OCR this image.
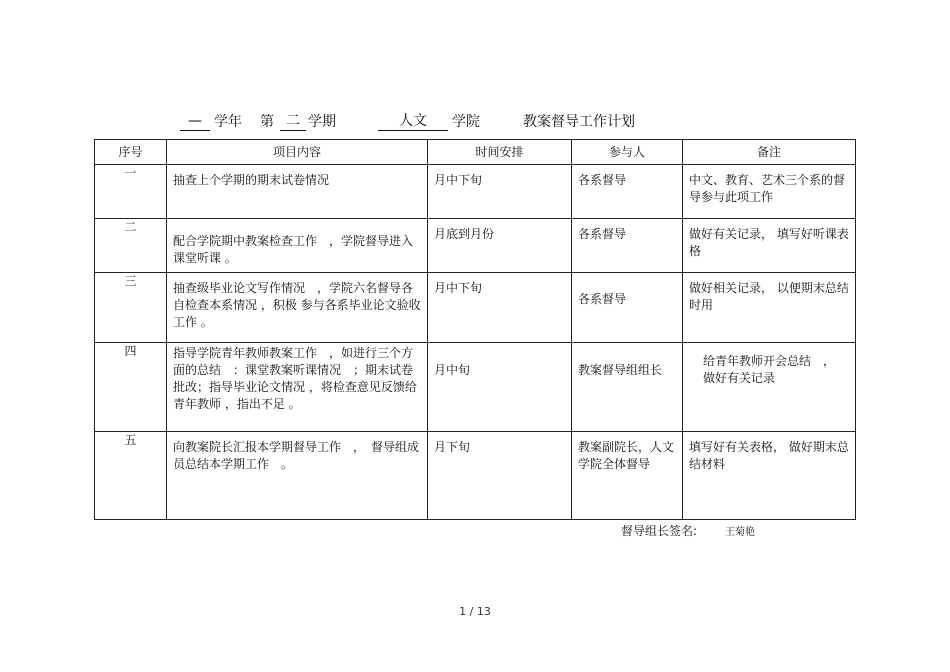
— 学年 第 二 学期	人文	学院	教案督导工作计划
序号	项目内容	时间安排	参与人	备注
一	抽查上个学期的期末试卷情况	月中下旬	各系督导	中文、教育、艺术三个系的督导参与此项工作

二	配合学院期中教案检查工作　，学院督导进入课堂听课 。	月底到月份	各系督导	做好有关记录， 填写好听课表格

三	抽查级毕业论文写作情况　，学院六名督导各自检查本系情况 ，积极 参与各系毕业论文验收工作 。	月中下旬	各系督导	做好相关记录， 以便期末总结时用

四	指导学院青年教师教案工作　，如进行三个方面的总结　：课堂教案听课情况　；期末试卷批改；指导毕业论文情况 ，将检查意见反馈给青年教师 ，指出不足 。	月中旬	教案督导组组长	给青年教师开会总结　，做好有关记录

五	向教案院长汇报本学期督导工作　，　督导组成员总结本学期工作　。	月下旬	教案副院长，人文学院全体督导	填写好有关表格， 做好期末总结材料
督导组长签名:	王菊艳
1 / 13
